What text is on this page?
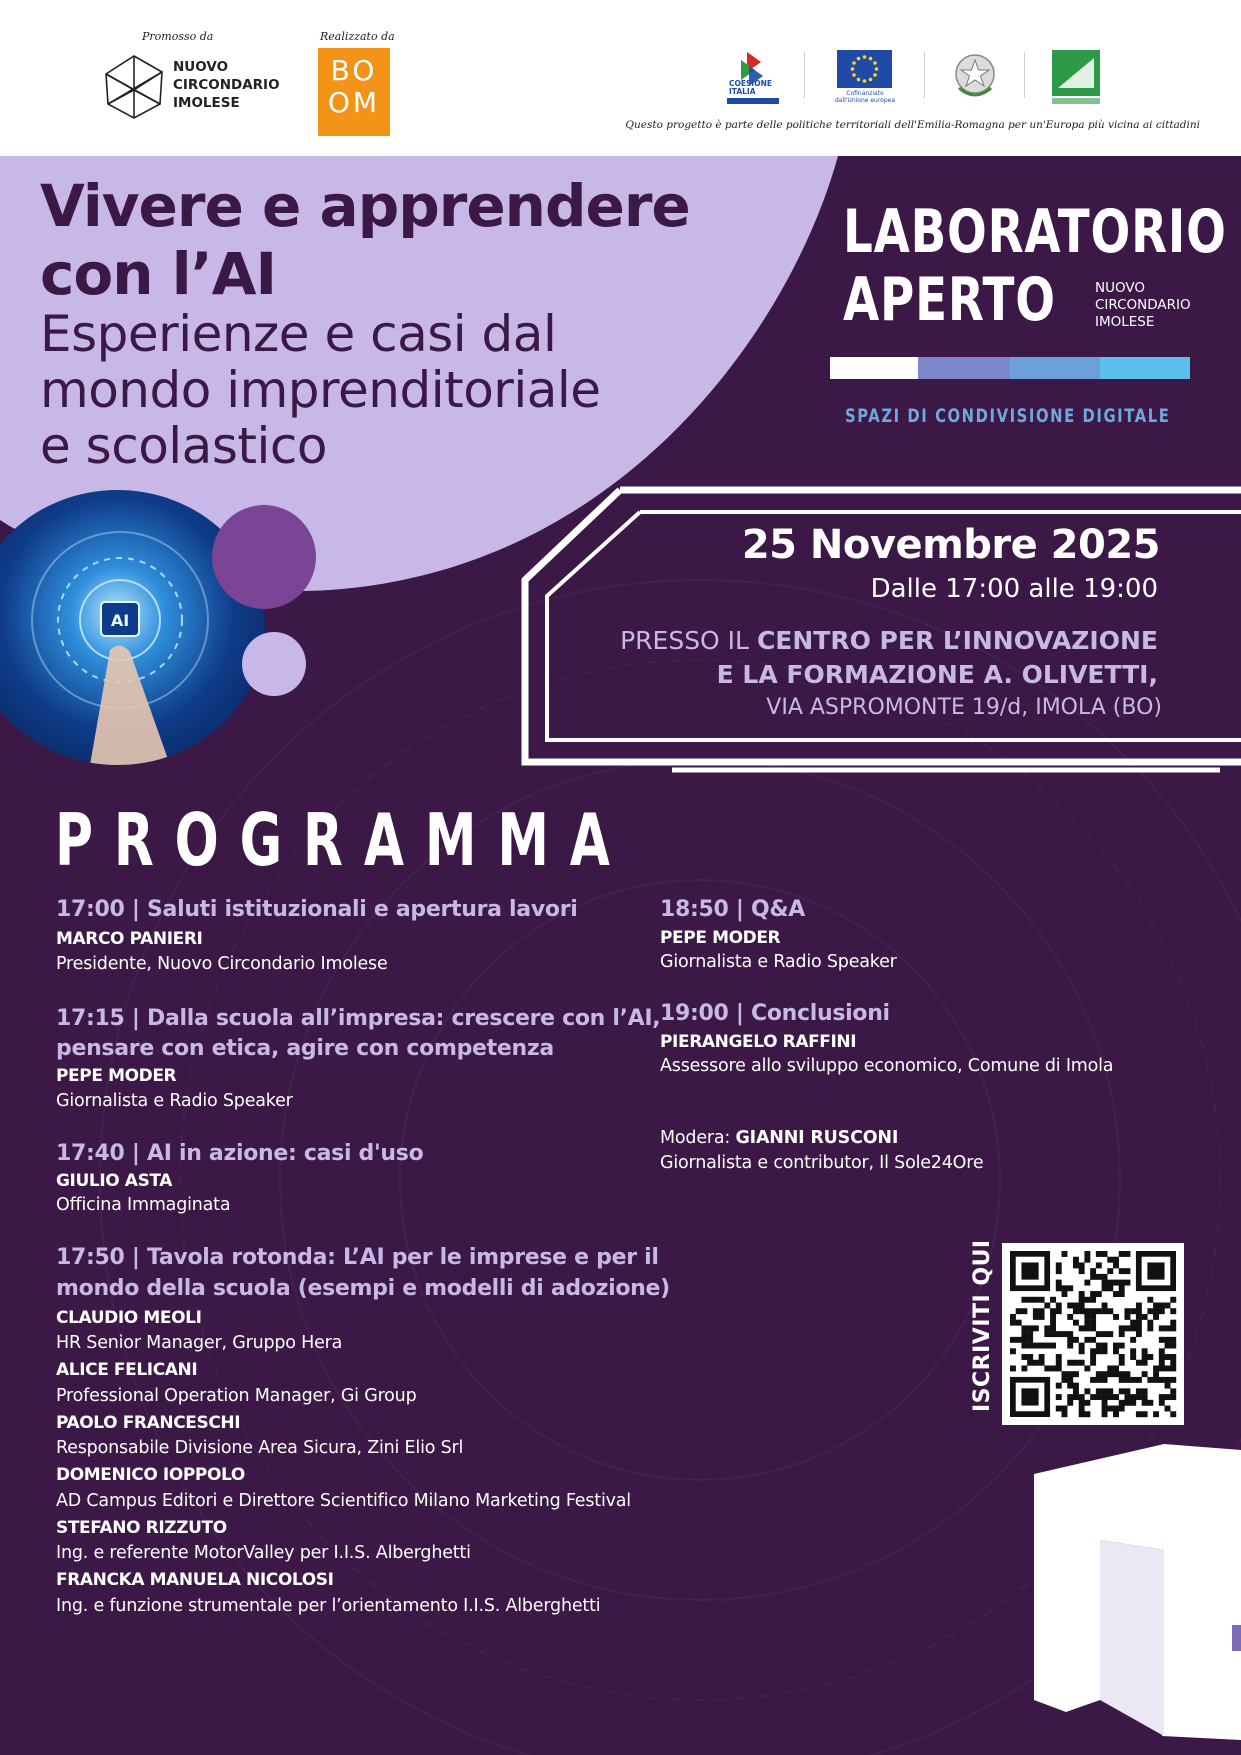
Promosso da	Realizzato da
NUOVO
CIRCONDARIO
IMOLESE
BO
OM
COESIONE
ITALIA	Cofinanziato
dall'Unione europea
Questo progetto è parte delle politiche territoriali dell'Emilia-Romagna per un'Europa più vicina ai cittadini
Vivere e apprendere
con l’AI
Esperienze e casi dal
mondo imprenditoriale
e scolastico
LABORATORIO
APERTO	NUOVO
CIRCONDARIO
IMOLESE
SPAZI DI CONDIVISIONE DIGITALE
AI
25 Novembre 2025
Dalle 17:00 alle 19:00
PRESSO IL CENTRO PER L’INNOVAZIONE
E LA FORMAZIONE A. OLIVETTI,
VIA ASPROMONTE 19/d, IMOLA (BO)
PROGRAMMA
17:00 | Saluti istituzionali e apertura lavori
MARCO PANIERI
Presidente, Nuovo Circondario Imolese
17:15 | Dalla scuola all’impresa: crescere con l’AI,
pensare con etica, agire con competenza
PEPE MODER
Giornalista e Radio Speaker
17:40 | AI in azione: casi d'uso
GIULIO ASTA
Officina Immaginata
17:50 | Tavola rotonda: L’AI per le imprese e per il
mondo della scuola (esempi e modelli di adozione)
CLAUDIO MEOLI
HR Senior Manager, Gruppo Hera
ALICE FELICANI
Professional Operation Manager, Gi Group
PAOLO FRANCESCHI
Responsabile Divisione Area Sicura, Zini Elio Srl
DOMENICO IOPPOLO
AD Campus Editori e Direttore Scientifico Milano Marketing Festival
STEFANO RIZZUTO
Ing. e referente MotorValley per I.I.S. Alberghetti
FRANCKA MANUELA NICOLOSI
Ing. e funzione strumentale per l’orientamento I.I.S. Alberghetti
18:50 | Q&A
PEPE MODER
Giornalista e Radio Speaker
19:00 | Conclusioni
PIERANGELO RAFFINI
Assessore allo sviluppo economico, Comune di Imola
Modera: GIANNI RUSCONI
Giornalista e contributor, Il Sole24Ore
ISCRIVITI QUI
